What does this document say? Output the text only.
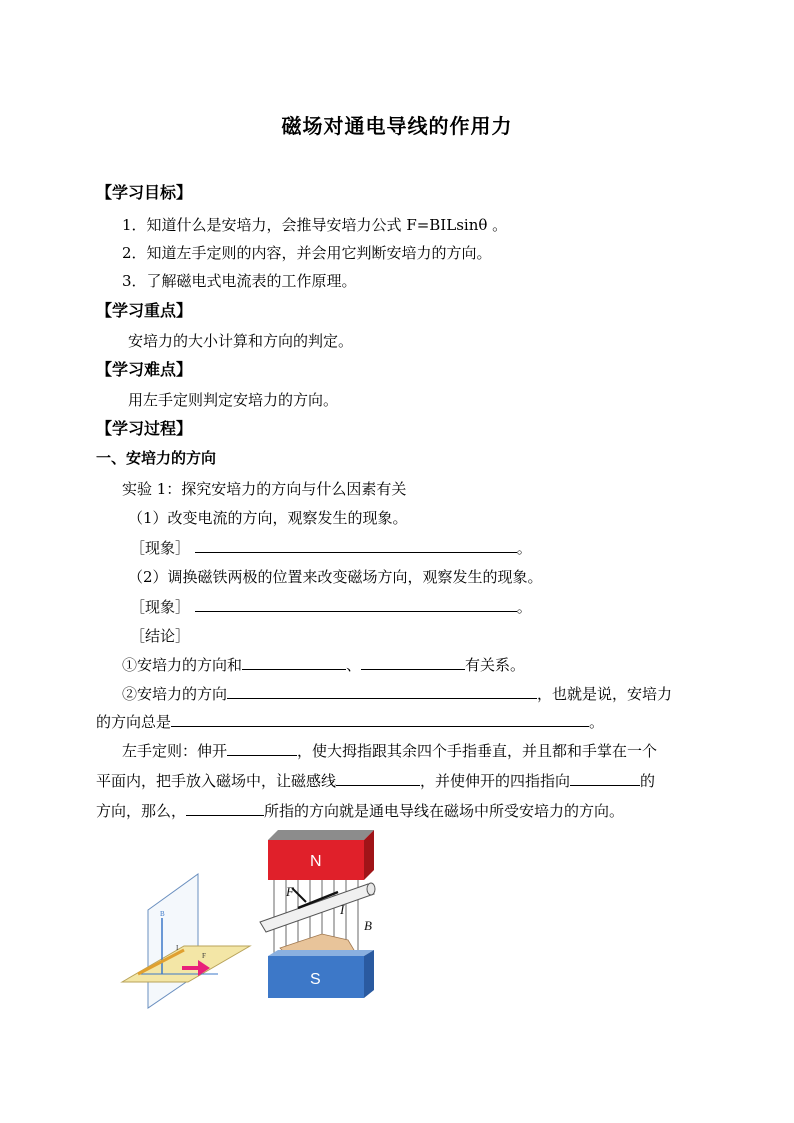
磁场对通电导线的作用力
【学习目标】
1．知道什么是安培力，会推导安培力公式 F=BILsinθ 。
2．知道左手定则的内容，并会用它判断安培力的方向。
3．了解磁电式电流表的工作原理。
【学习重点】
安培力的大小计算和方向的判定。
【学习难点】
用左手定则判定安培力的方向。
【学习过程】
一、安培力的方向
实验 1：探究安培力的方向与什么因素有关
（1）改变电流的方向，观察发生的现象。
［现象］	。
（2）调换磁铁两极的位置来改变磁场方向，观察发生的现象。
［现象］	。
［结论］
①安培力的方向和	、	有关系。
②安培力的方向	，也就是说，安培力
的方向总是	。
左手定则：伸开	，使大拇指跟其余四个手指垂直，并且都和手掌在一个
平面内，把手放入磁场中，让磁感线	，并使伸开的四指指向	的
方向，那么，	所指的方向就是通电导线在磁场中所受安培力的方向。
B
I
F
N
F
I
B
S
